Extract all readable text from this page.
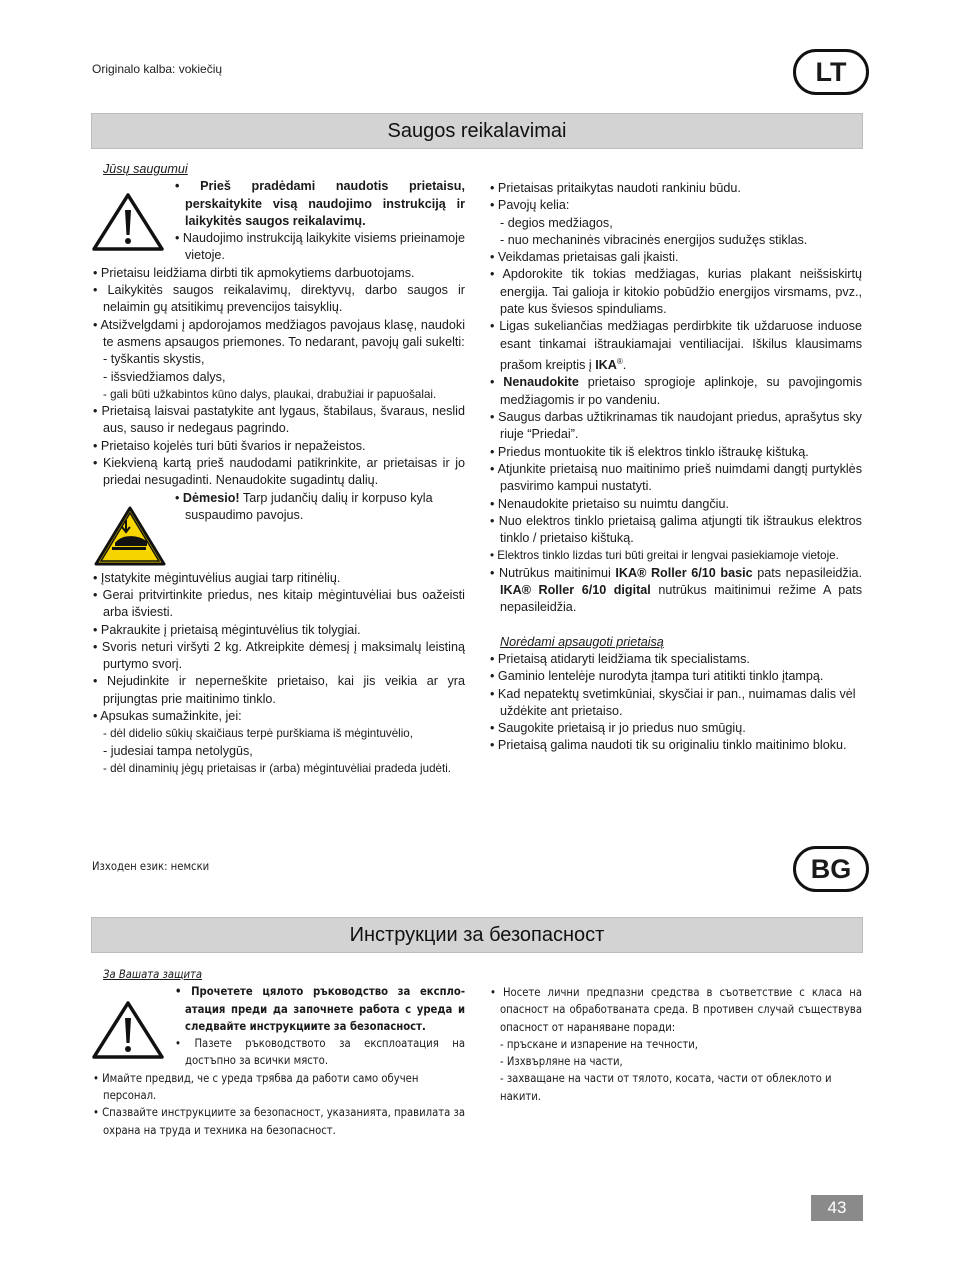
Originalo kalba: vokiečių	LT
Saugos reikalavimai

Jūsų saugumui

• Prieš pradėdami naudotis prietaisu, perskaitykite visą naudojimo instrukciją ir laikykitės saugos reikalavimų.

• Naudojimo instrukciją laikykite visiems prieinamoje vietoje.

• Prietaisu leidžiama dirbti tik apmokytiems darbuotojams.

• Laikykitės saugos reikalavimų, direktyvų, darbo saugos ir nelaimin gų atsitikimų prevencijos taisyklių.

• Atsižvelgdami į apdorojamos medžiagos pavojaus klasę, naudoki te asmens apsaugos priemones. To nedarant, pavojų gali sukelti:

- tyškantis skystis,

- išsviedžiamos dalys,

- gali būti užkabintos kūno dalys, plaukai, drabužiai ir papuošalai.

• Prietaisą laisvai pastatykite ant lygaus, štabilaus, švaraus, neslid aus, sauso ir nedegaus pagrindo.

• Prietaiso kojelės turi būti švarios ir nepažeistos.

• Kiekvieną kartą prieš naudodami patikrinkite, ar prietaisas ir jo priedai nesugadinti. Nenaudokite sugadintų dalių.

• Dėmesio! Tarp judančių dalių ir korpuso kyla suspaudimo pavojus.

• Įstatykite mėgintuvėlius augiai tarp ritinėlių.

• Gerai pritvirtinkite priedus, nes kitaip mėgintuvėliai bus oažeisti arba išviesti.

• Pakraukite į prietaisą mėgintuvėlius tik tolygiai.

• Svoris neturi viršyti 2 kg. Atkreipkite dėmesį į maksimalų leistiną purtymo svorį.

• Nejudinkite ir neperneškite prietaiso, kai jis veikia ar yra prijungtas prie maitinimo tinklo.

• Apsukas sumažinkite, jei:

- dėl didelio sūkių skaičiaus terpė purškiama iš mėgintuvėlio,

- judesiai tampa netolygūs,

- dėl dinaminių jėgų prietaisas ir (arba) mėgintuvėliai pradeda judėti.

• Prietaisas pritaikytas naudoti rankiniu būdu.

• Pavojų kelia:

- degios medžiagos,

- nuo mechaninės vibracinės energijos sudužęs stiklas.

• Veikdamas prietaisas gali įkaisti.

• Apdorokite tik tokias medžiagas, kurias plakant neišsiskirtų energija. Tai galioja ir kitokio pobūdžio energijos virsmams, pvz., pate kus šviesos spinduliams.

• Ligas sukeliančias medžiagas perdirbkite tik uždaruose induose esant tinkamai ištraukiamajai ventiliacijai. Iškilus klausimams prašom kreiptis į IKA®.

• Nenaudokite prietaiso sprogioje aplinkoje, su pavojingomis medžiagomis ir po vandeniu.

• Saugus darbas užtikrinamas tik naudojant priedus, aprašytus sky riuje “Priedai”.

• Priedus montuokite tik iš elektros tinklo ištraukę kištuką.

• Atjunkite prietaisą nuo maitinimo prieš nuimdami dangtį purtyklės pasvirimo kampui nustatyti.

• Nenaudokite prietaiso su nuimtu dangčiu.

• Nuo elektros tinklo prietaisą galima atjungti tik ištraukus elektros tinklo / prietaiso kištuką.

• Elektros tinklo lizdas turi būti greitai ir lengvai pasiekiamoje vietoje.

• Nutrūkus maitinimui IKA® Roller 6/10 basic pats nepasileidžia. IKA® Roller 6/10 digital nutrūkus maitinimui režime A pats nepasileidžia.

Norėdami apsaugoti prietaisą

• Prietaisą atidaryti leidžiama tik specialistams.

• Gaminio lentelėje nurodyta įtampa turi atitikti tinklo įtampą.

• Kad nepatektų svetimkūniai, skysčiai ir pan., nuimamas dalis vėl uždėkite ant prietaiso.

• Saugokite prietaisą ir jo priedus nuo smūgių.

• Prietaisą galima naudoti tik su originaliu tinklo maitinimo bloku.

Изходен език: немски	BG
Инструкции за безопасност

За Вашата защита

• Прочетете цялото ръководство за експло-атация преди да започнете работа с уреда и следвайте инструкциите за безопасност.

• Пазете ръководството за експлоатация на достъпно за всички място.

• Имайте предвид, че с уреда трябва да работи само обучен персонал.

• Спазвайте инструкциите за безопасност, указанията, правилата за охрана на труда и техника на безопасност.

• Носете лични предпазни средства в съответствие с класа на опасност на обработваната среда. В противен случай съществува опасност от нараняване поради:

- пръскане и изпарение на течности,

- Изхвърляне на части,

- захващане на части от тялото, косата, части от облеклото и накити.

43
